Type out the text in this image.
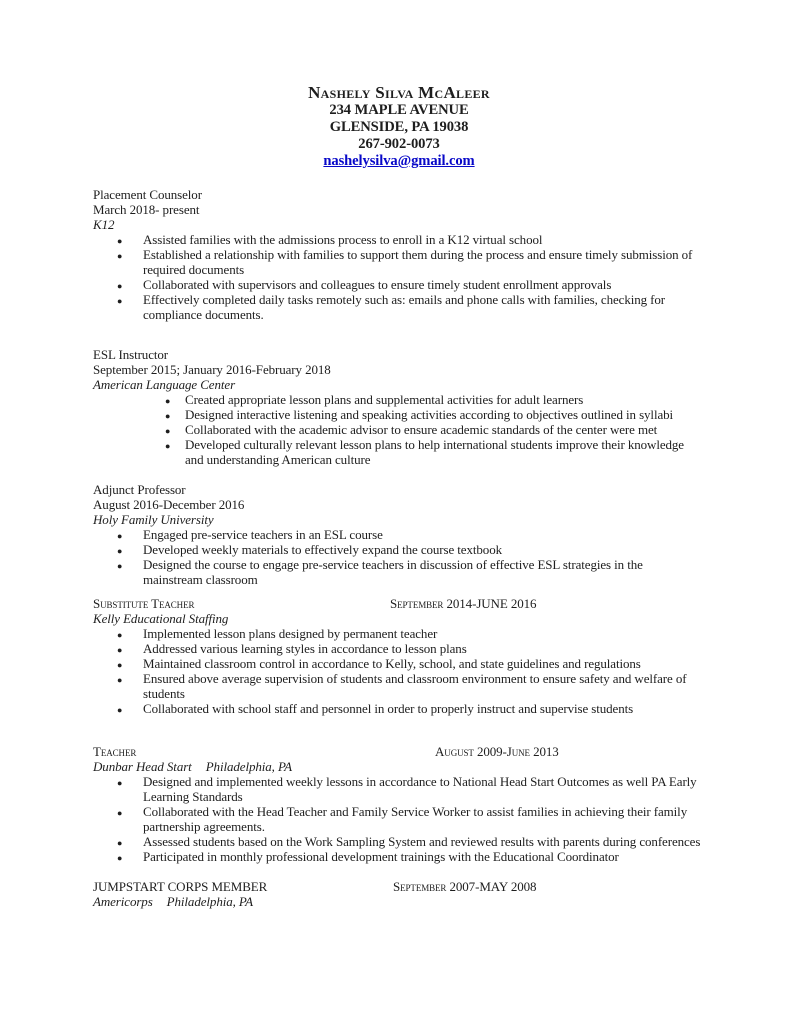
Nashely Silva McAleer
234 MAPLE AVENUE
GLENSIDE, PA 19038
267-902-0073
nashelysilva@gmail.com
Placement Counselor
March 2018- present
K12
● Assisted families with the admissions process to enroll in a K12 virtual school
● Established a relationship with families to support them during the process and ensure timely submission of required documents
● Collaborated with supervisors and colleagues to ensure timely student enrollment approvals
● Effectively completed daily tasks remotely such as: emails and phone calls with families, checking for compliance documents.
ESL Instructor
September 2015; January 2016-February 2018
American Language Center
● Created appropriate lesson plans and supplemental activities for adult learners
● Designed interactive listening and speaking activities according to objectives outlined in syllabi
● Collaborated with the academic advisor to ensure academic standards of the center were met
● Developed culturally relevant lesson plans to help international students improve their knowledge and understanding American culture
Adjunct Professor
August 2016-December 2016
Holy Family University
● Engaged pre-service teachers in an ESL course
● Developed weekly materials to effectively expand the course textbook
● Designed the course to engage pre-service teachers in discussion of effective ESL strategies in the mainstream classroom
Substitute Teacher	September 2014-JUNE 2016
Kelly Educational Staffing
● Implemented lesson plans designed by permanent teacher
● Addressed various learning styles in accordance to lesson plans
● Maintained classroom control in accordance to Kelly, school, and state guidelines and regulations
● Ensured above average supervision of students and classroom environment to ensure safety and welfare of students
● Collaborated with school staff and personnel in order to properly instruct and supervise students
Teacher	August 2009-June 2013
Dunbar Head Start Philadelphia, PA
● Designed and implemented weekly lessons in accordance to National Head Start Outcomes as well PA Early Learning Standards
● Collaborated with the Head Teacher and Family Service Worker to assist families in achieving their family partnership agreements.
● Assessed students based on the Work Sampling System and reviewed results with parents during conferences
● Participated in monthly professional development trainings with the Educational Coordinator
JUMPSTART CORPS MEMBER	September 2007-MAY 2008
Americorps Philadelphia, PA
